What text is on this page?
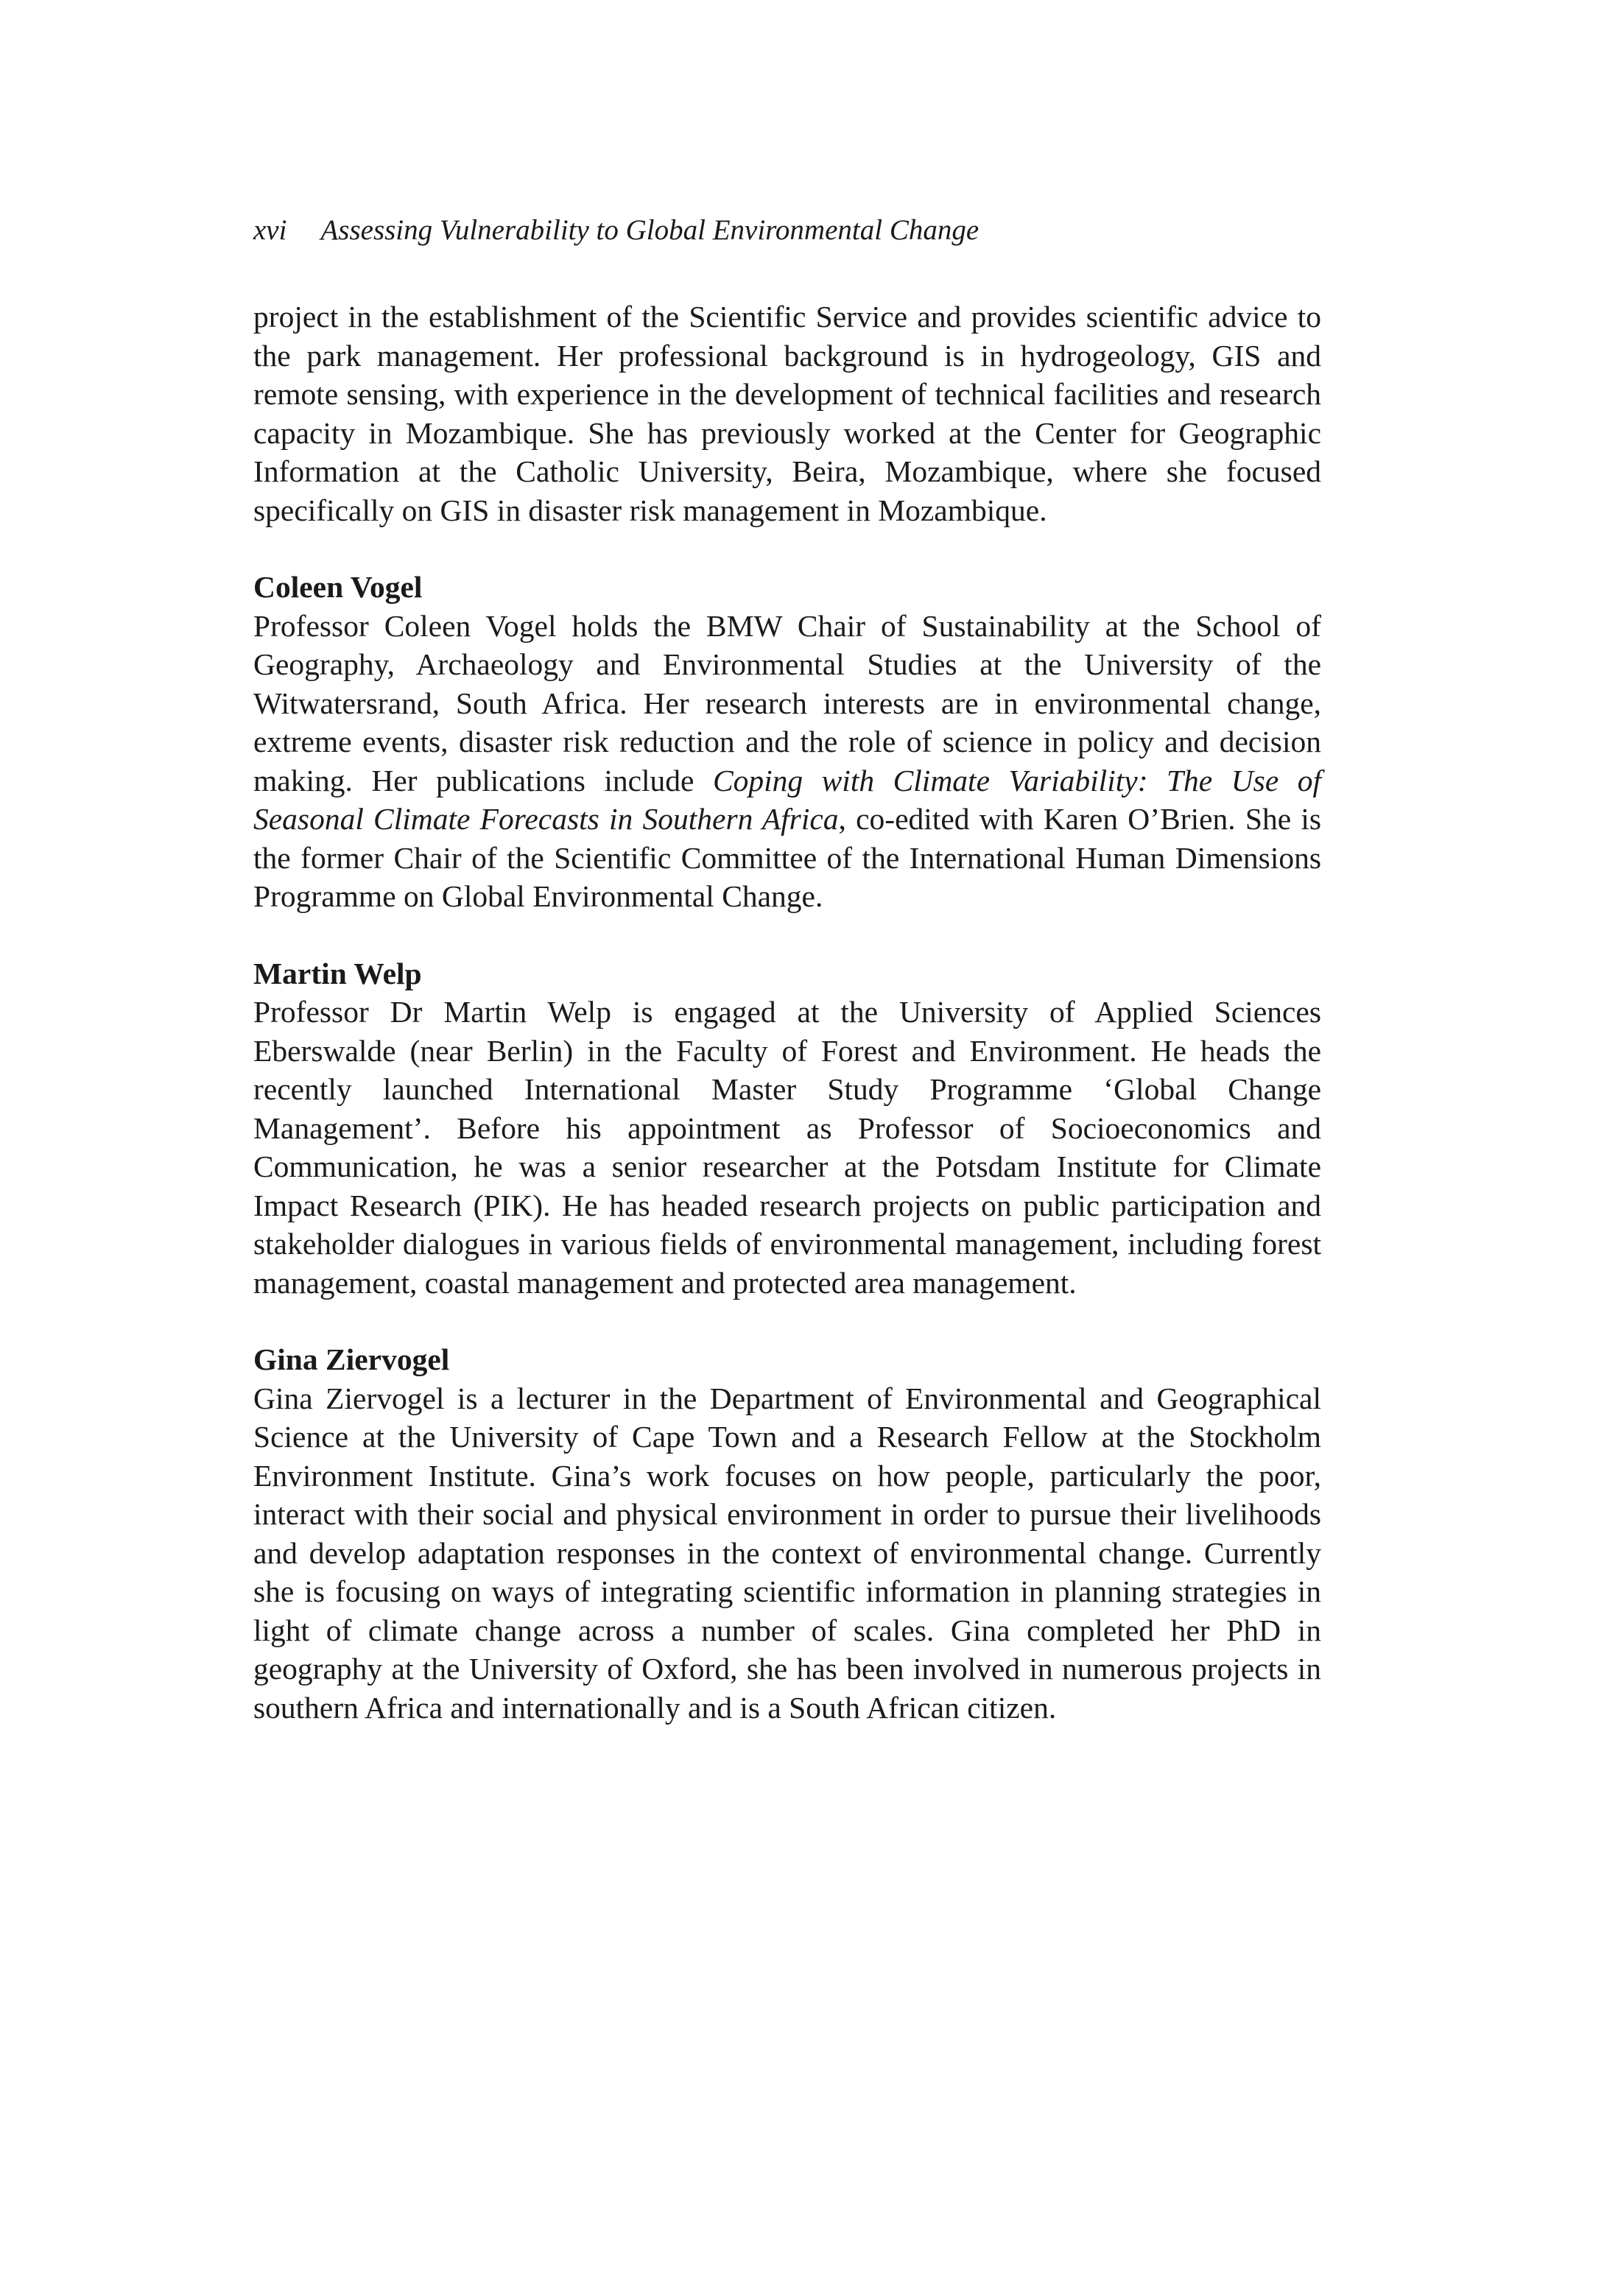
xvi Assessing Vulnerability to Global Environmental Change

project in the establishment of the Scientific Service and provides scientific advice to the park management. Her professional background is in hydrogeology, GIS and remote sensing, with experience in the development of technical facilities and research capacity in Mozambique. She has previously worked at the Center for Geographic Information at the Catholic University, Beira, Mozambique, where she focused specifically on GIS in disaster risk management in Mozambique.

Coleen Vogel

Professor Coleen Vogel holds the BMW Chair of Sustainability at the School of Geography, Archaeology and Environmental Studies at the University of the Witwatersrand, South Africa. Her research interests are in environmental change, extreme events, disaster risk reduction and the role of science in policy and decision making. Her publications include Coping with Climate Variability: The Use of Seasonal Climate Forecasts in Southern Africa, co-edited with Karen O’Brien. She is the former Chair of the Scientific Committee of the International Human Dimensions Programme on Global Environmental Change.

Martin Welp

Professor Dr Martin Welp is engaged at the University of Applied Sciences Eberswalde (near Berlin) in the Faculty of Forest and Environment. He heads the recently launched International Master Study Programme ‘Global Change Management’. Before his appointment as Professor of Socioeconomics and Communication, he was a senior researcher at the Potsdam Institute for Climate Impact Research (PIK). He has headed research projects on public participation and stakeholder dialogues in various fields of environmental management, including forest management, coastal management and protected area management.

Gina Ziervogel

Gina Ziervogel is a lecturer in the Department of Environmental and Geographical Science at the University of Cape Town and a Research Fellow at the Stockholm Environment Institute. Gina’s work focuses on how people, particularly the poor, interact with their social and physical environment in order to pursue their livelihoods and develop adaptation responses in the context of environmental change. Currently she is focusing on ways of integrating scientific information in planning strategies in light of climate change across a number of scales. Gina completed her PhD in geography at the University of Oxford, she has been involved in numerous projects in southern Africa and internationally and is a South African citizen.
